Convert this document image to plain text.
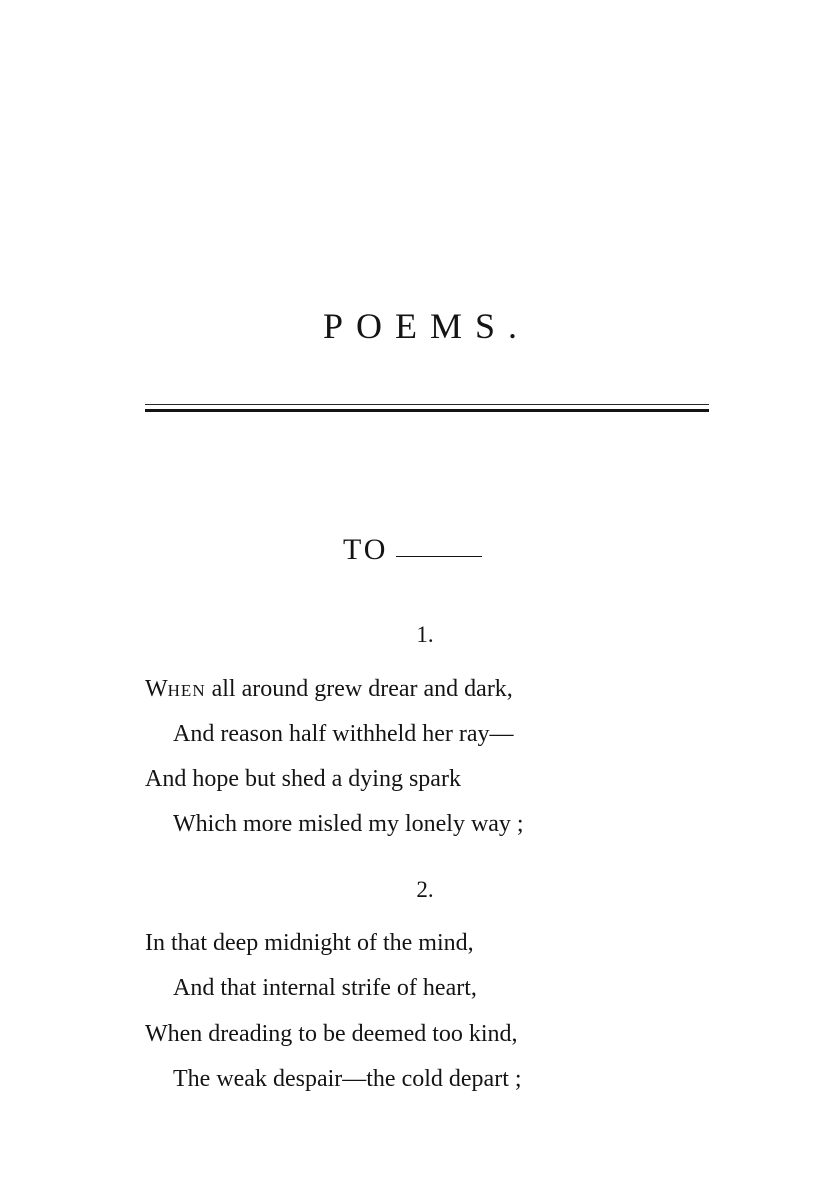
POEMS.
TO

1.

WHEN all around grew drear and dark,

And reason half withheld her ray—

And hope but shed a dying spark

Which more misled my lonely way ;

2.

In that deep midnight of the mind,

And that internal strife of heart,

When dreading to be deemed too kind,

The weak despair—the cold depart ;
